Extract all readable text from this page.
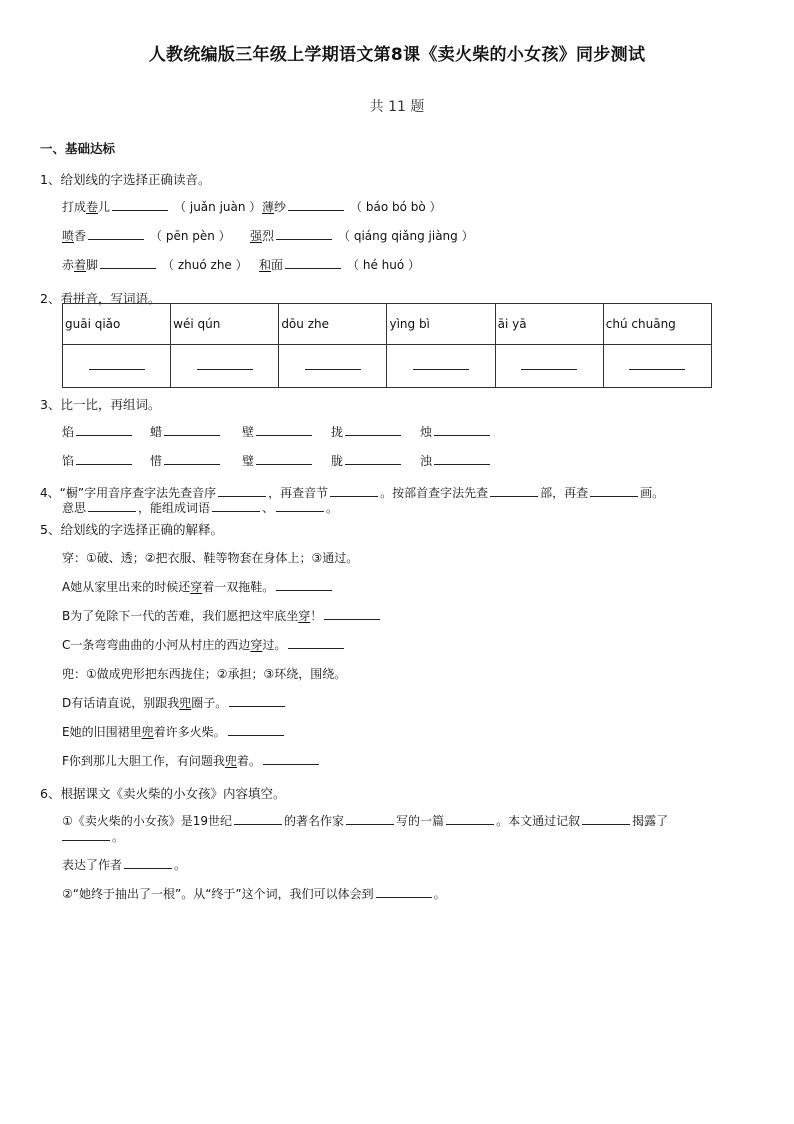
人教统编版三年级上学期语文第8课《卖火柴的小女孩》同步测试
共 11 题
一、基础达标
1、给划线的字选择正确读音。
打成卷儿	（ juǎn juàn ） 薄纱	（ báo bó bò ）
喷香	（ pēn pèn ） 强烈	（ qiáng qiǎng jiàng ）
赤着脚	（ zhuó zhe ） 和面	（ hé huó ）
2、看拼音，写词语。
guāi qiǎo	wéi qún	dōu zhe	yìng bì	āi yā	chú chuāng

3、比一比，再组词。
焰	蜡	壁	拢	烛
馅	惜	璧	胧	浊
4、“橱”字用音序查字法先查音序	，再查音节	。按部首查字法先查	部，再查	画。
意思	，能组成词语	、	。
5、给划线的字选择正确的解释。
穿：①破、透；②把衣服、鞋等物套在身体上；③通过。
A她从家里出来的时候还穿着一双拖鞋。
B为了免除下一代的苦难，我们愿把这牢底坐穿！
C一条弯弯曲曲的小河从村庄的西边穿过。
兜：①做成兜形把东西拢住；②承担；③环绕，围绕。
D有话请直说，别跟我兜圈子。
E她的旧围裙里兜着许多火柴。
F你到那儿大胆工作，有问题我兜着。
6、根据课文《卖火柴的小女孩》内容填空。
①《卖火柴的小女孩》是19世纪	的著名作家	写的一篇	。本文通过记叙	揭露了
。
表达了作者	。
②“她终于抽出了一根”。从“终于”这个词，我们可以体会到	。
